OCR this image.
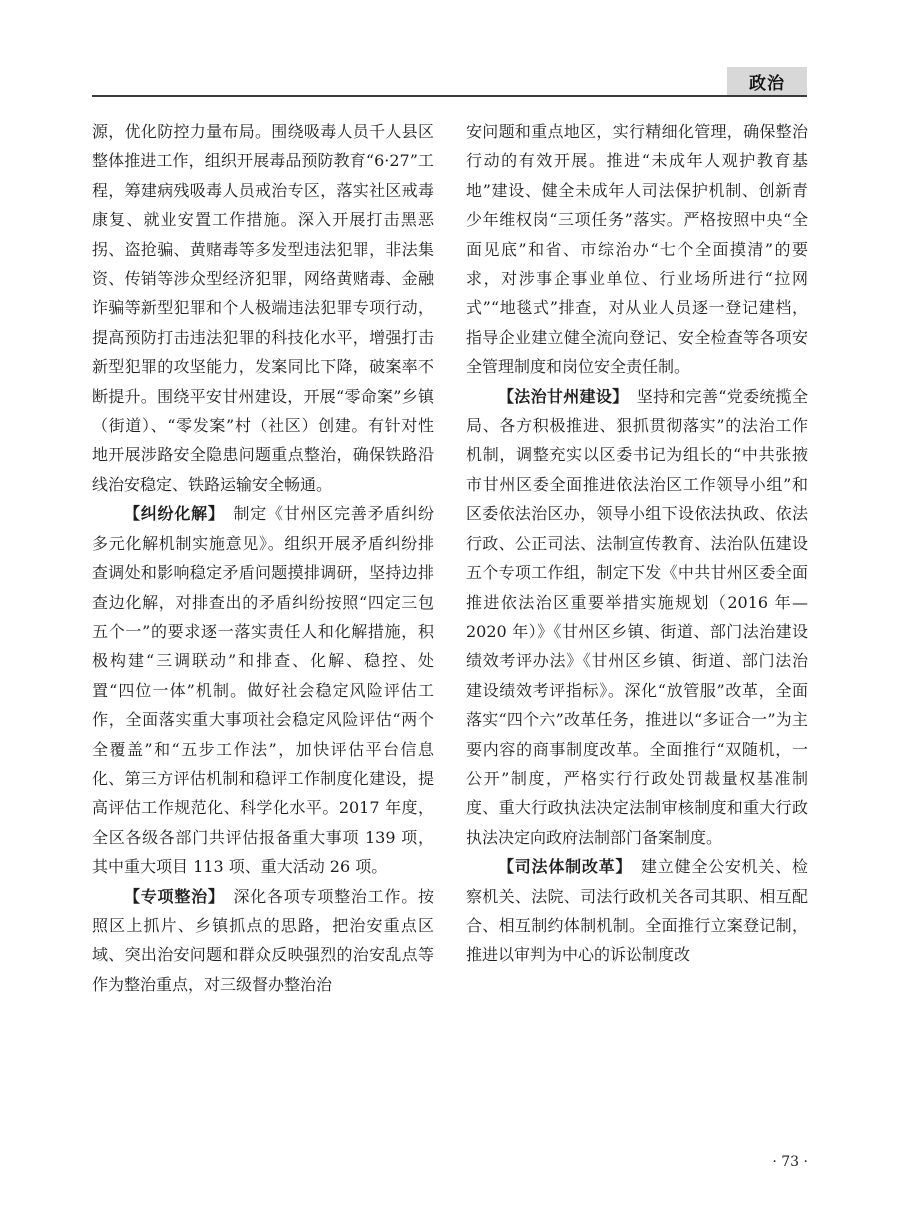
政治

源，优化防控力量布局。围绕吸毒人员千人县区整体推进工作，组织开展毒品预防教育“6·27”工程，筹建病残吸毒人员戒治专区，落实社区戒毒康复、就业安置工作措施。深入开展打击黑恶拐、盗抢骗、黄赌毒等多发型违法犯罪，非法集资、传销等涉众型经济犯罪，网络黄赌毒、金融诈骗等新型犯罪和个人极端违法犯罪专项行动，提高预防打击违法犯罪的科技化水平，增强打击新型犯罪的攻坚能力，发案同比下降，破案率不断提升。围绕平安甘州建设，开展“零命案”乡镇（街道）、“零发案”村（社区）创建。有针对性地开展涉路安全隐患问题重点整治，确保铁路沿线治安稳定、铁路运输安全畅通。

【纠纷化解】　制定《甘州区完善矛盾纠纷多元化解机制实施意见》。组织开展矛盾纠纷排查调处和影响稳定矛盾问题摸排调研，坚持边排查边化解，对排查出的矛盾纠纷按照“四定三包五个一”的要求逐一落实责任人和化解措施，积极构建“三调联动”和排查、化解、稳控、处置“四位一体”机制。做好社会稳定风险评估工作，全面落实重大事项社会稳定风险评估“两个全覆盖”和“五步工作法”，加快评估平台信息化、第三方评估机制和稳评工作制度化建设，提高评估工作规范化、科学化水平。2017 年度，全区各级各部门共评估报备重大事项 139 项，其中重大项目 113 项、重大活动 26 项。

【专项整治】　深化各项专项整治工作。按照区上抓片、乡镇抓点的思路，把治安重点区域、突出治安问题和群众反映强烈的治安乱点等作为整治重点，对三级督办整治治

安问题和重点地区，实行精细化管理，确保整治行动的有效开展。推进“未成年人观护教育基地”建设、健全未成年人司法保护机制、创新青少年维权岗“三项任务”落实。严格按照中央“全面见底”和省、市综治办“七个全面摸清”的要求，对涉事企事业单位、行业场所进行“拉网式”“地毯式”排查，对从业人员逐一登记建档，指导企业建立健全流向登记、安全检查等各项安全管理制度和岗位安全责任制。

【法治甘州建设】　坚持和完善“党委统揽全局、各方积极推进、狠抓贯彻落实”的法治工作机制，调整充实以区委书记为组长的“中共张掖市甘州区委全面推进依法治区工作领导小组”和区委依法治区办，领导小组下设依法执政、依法行政、公正司法、法制宣传教育、法治队伍建设五个专项工作组，制定下发《中共甘州区委全面推进依法治区重要举措实施规划（2016 年—2020 年）》《甘州区乡镇、街道、部门法治建设绩效考评办法》《甘州区乡镇、街道、部门法治建设绩效考评指标》。深化“放管服”改革，全面落实“四个六”改革任务，推进以“多证合一”为主要内容的商事制度改革。全面推行“双随机，一公开”制度，严格实行行政处罚裁量权基准制度、重大行政执法决定法制审核制度和重大行政执法决定向政府法制部门备案制度。

【司法体制改革】　建立健全公安机关、检察机关、法院、司法行政机关各司其职、相互配合、相互制约体制机制。全面推行立案登记制，推进以审判为中心的诉讼制度改

· 73 ·
